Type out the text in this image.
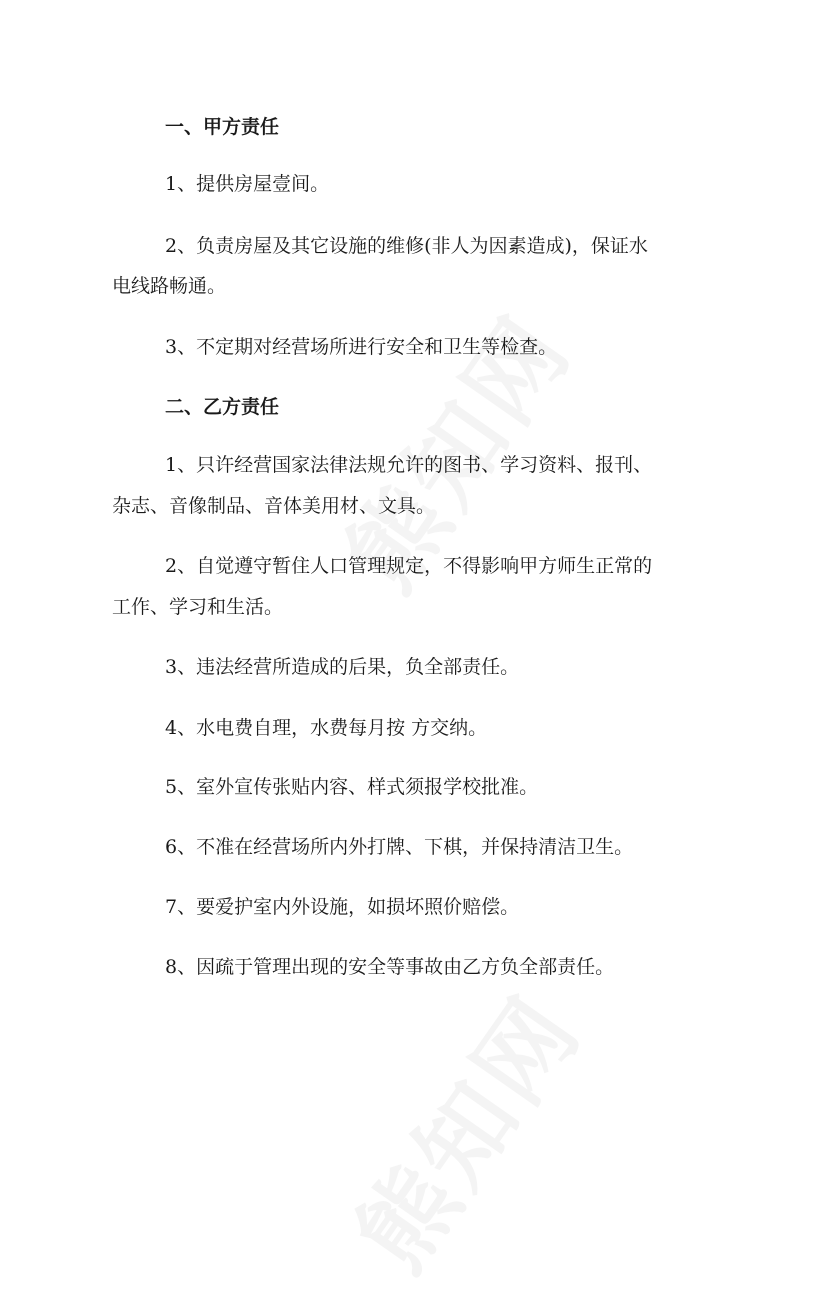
一、甲方责任
1、提供房屋壹间。
2、负责房屋及其它设施的维修(非人为因素造成)，保证水
电线路畅通。
3、不定期对经营场所进行安全和卫生等检查。
二、乙方责任
1、只许经营国家法律法规允许的图书、学习资料、报刊、
杂志、音像制品、音体美用材、文具。
2、自觉遵守暂住人口管理规定，不得影响甲方师生正常的
工作、学习和生活。
3、违法经营所造成的后果，负全部责任。
4、水电费自理，水费每月按 方交纳。
5、室外宣传张贴内容、样式须报学校批准。
6、不准在经营场所内外打牌、下棋，并保持清洁卫生。
7、要爱护室内外设施，如损坏照价赔偿。
8、因疏于管理出现的安全等事故由乙方负全部责任。
